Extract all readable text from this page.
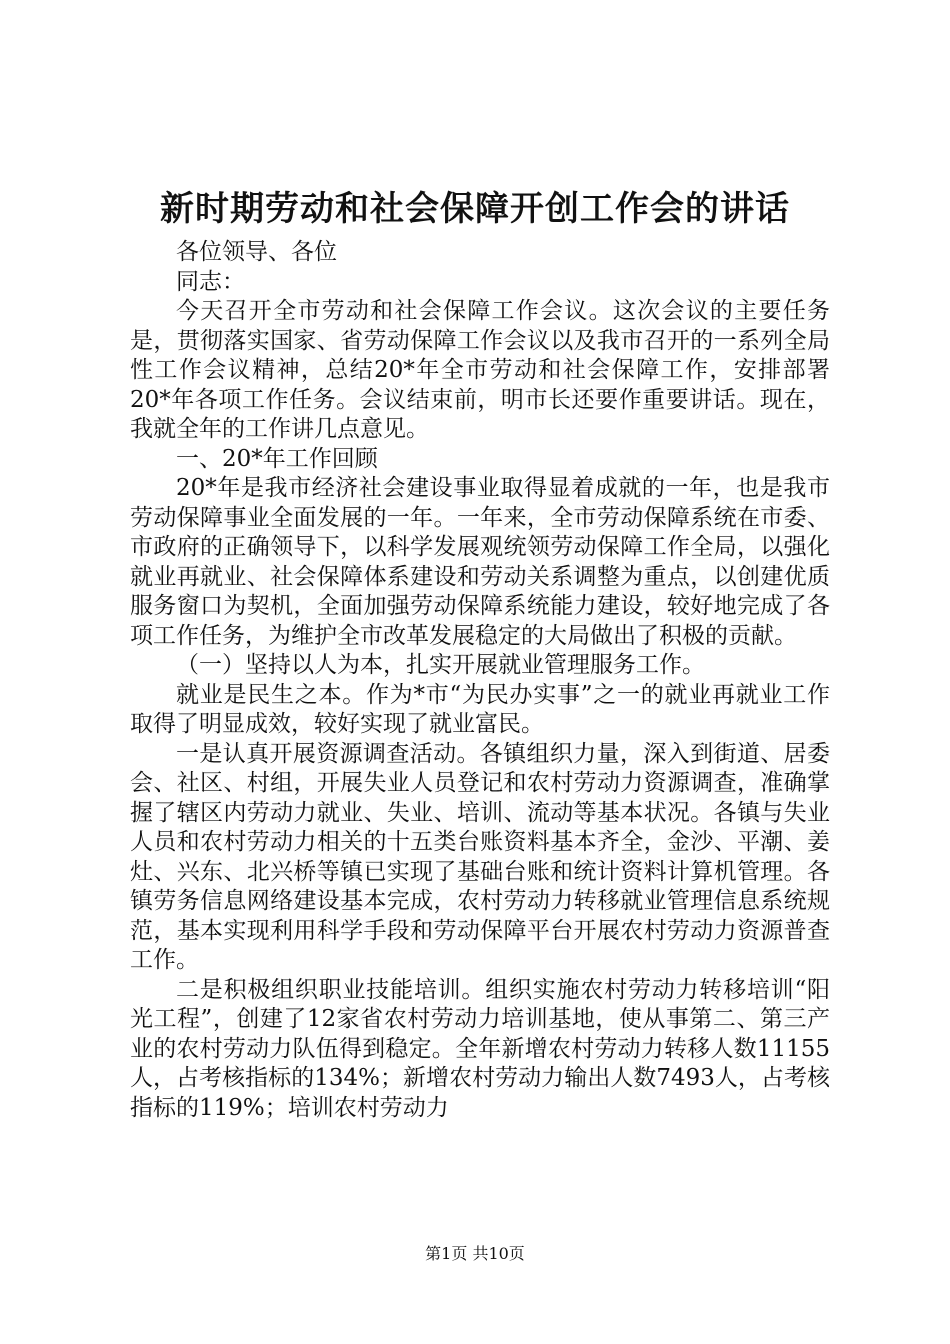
新时期劳动和社会保障开创工作会的讲话

各位领导、各位

同志：

今天召开全市劳动和社会保障工作会议。这次会议的主要任务是，贯彻落实国家、省劳动保障工作会议以及我市召开的一系列全局性工作会议精神，总结20*年全市劳动和社会保障工作，安排部署20*年各项工作任务。会议结束前，明市长还要作重要讲话。现在，我就全年的工作讲几点意见。

一、20*年工作回顾

20*年是我市经济社会建设事业取得显着成就的一年，也是我市劳动保障事业全面发展的一年。一年来，全市劳动保障系统在市委、市政府的正确领导下，以科学发展观统领劳动保障工作全局，以强化就业再就业、社会保障体系建设和劳动关系调整为重点，以创建优质服务窗口为契机，全面加强劳动保障系统能力建设，较好地完成了各项工作任务，为维护全市改革发展稳定的大局做出了积极的贡献。

（一）坚持以人为本，扎实开展就业管理服务工作。

就业是民生之本。作为*市“为民办实事”之一的就业再就业工作取得了明显成效，较好实现了就业富民。

一是认真开展资源调查活动。各镇组织力量，深入到街道、居委会、社区、村组，开展失业人员登记和农村劳动力资源调查，准确掌握了辖区内劳动力就业、失业、培训、流动等基本状况。各镇与失业人员和农村劳动力相关的十五类台账资料基本齐全，金沙、平潮、姜灶、兴东、北兴桥等镇已实现了基础台账和统计资料计算机管理。各镇劳务信息网络建设基本完成，农村劳动力转移就业管理信息系统规范，基本实现利用科学手段和劳动保障平台开展农村劳动力资源普查工作。

二是积极组织职业技能培训。组织实施农村劳动力转移培训“阳光工程”，创建了12家省农村劳动力培训基地，使从事第二、第三产业的农村劳动力队伍得到稳定。全年新增农村劳动力转移人数11155人，占考核指标的134%；新增农村劳动力输出人数7493人，占考核指标的119%；培训农村劳动力

第1页 共10页
